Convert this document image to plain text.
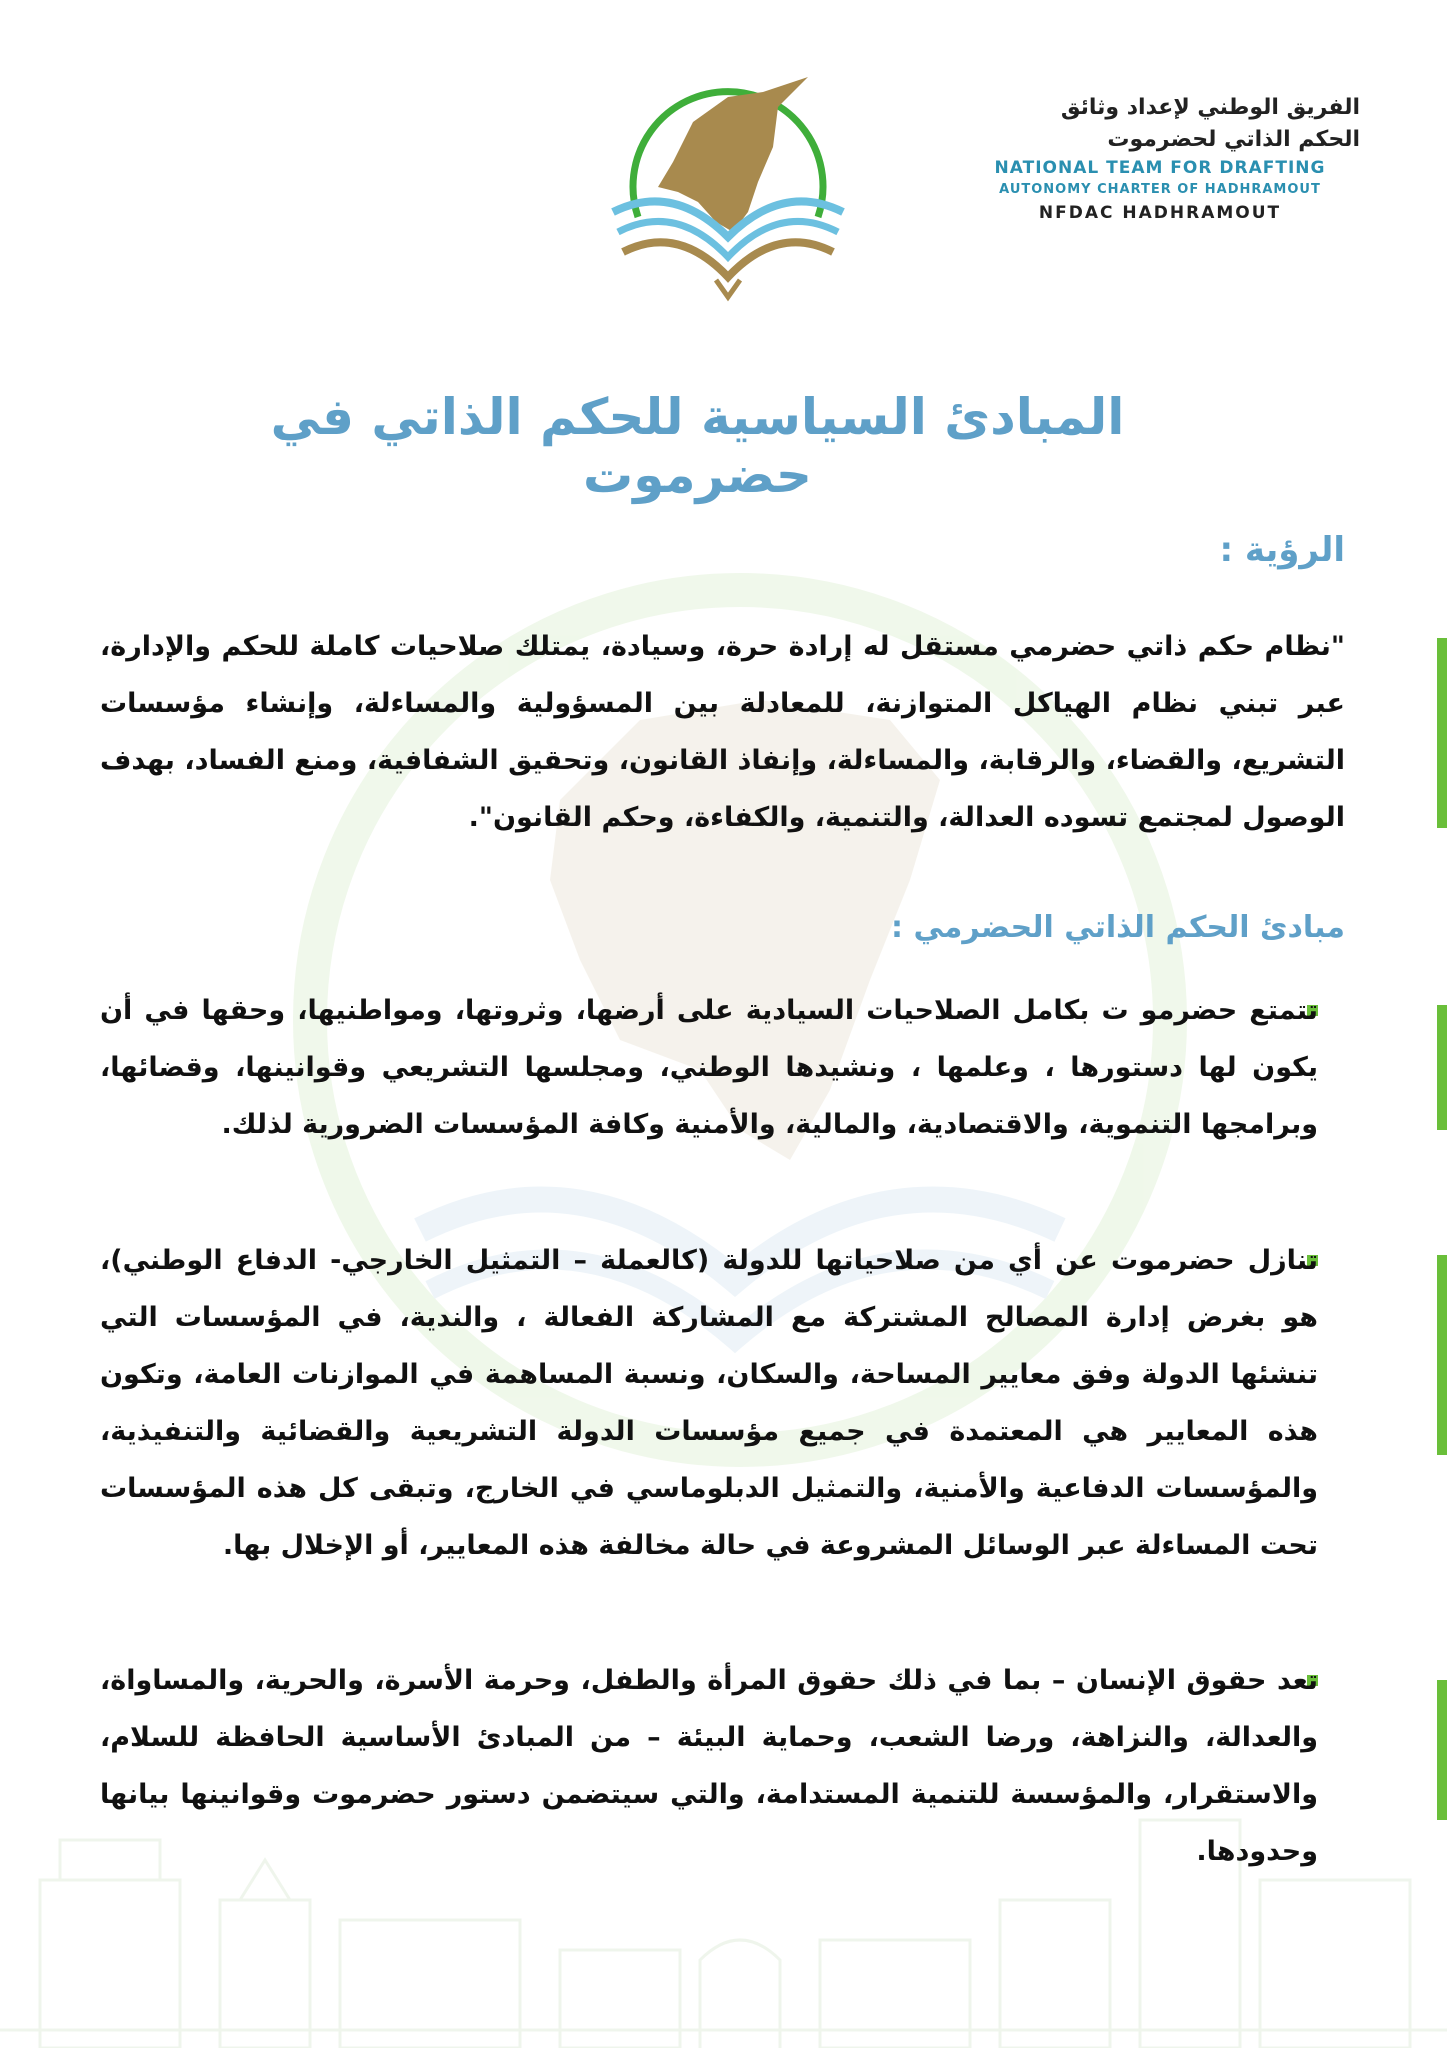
الفريق الوطني لإعداد وثائق
الحكم الذاتي لحضرموت
NATIONAL TEAM FOR DRAFTING
AUTONOMY CHARTER OF HADHRAMOUT
NFDAC HADHRAMOUT
المبادئ السياسية للحكم الذاتي في حضرموت
الرؤية :
"نظام حكم ذاتي حضرمي مستقل له إرادة حرة، وسيادة، يمتلك صلاحيات كاملة للحكم والإدارة، عبر تبني نظام الهياكل المتوازنة، للمعادلة بين المسؤولية والمساءلة، وإنشاء مؤسسات التشريع، والقضاء، والرقابة، والمساءلة، وإنفاذ القانون، وتحقيق الشفافية، ومنع الفساد، بهدف الوصول لمجتمع تسوده العدالة، والتنمية، والكفاءة، وحكم القانون".
مبادئ الحكم الذاتي الحضرمي :
تتمتع حضرمو ت بكامل الصلاحيات السيادية على أرضها، وثروتها، ومواطنيها، وحقها في أن يكون لها دستورها ، وعلمها ، ونشيدها الوطني، ومجلسها التشريعي وقوانينها، وقضائها، وبرامجها التنموية، والاقتصادية، والمالية، والأمنية وكافة المؤسسات الضرورية لذلك.
تنازل حضرموت عن أي من صلاحياتها للدولة (كالعملة – التمثيل الخارجي- الدفاع الوطني)، هو بغرض إدارة المصالح المشتركة مع المشاركة الفعالة ، والندية، في المؤسسات التي تنشئها الدولة وفق معايير المساحة، والسكان، ونسبة المساهمة في الموازنات العامة، وتكون هذه المعايير هي المعتمدة في جميع مؤسسات الدولة التشريعية والقضائية والتنفيذية، والمؤسسات الدفاعية والأمنية، والتمثيل الدبلوماسي في الخارج، وتبقى كل هذه المؤسسات تحت المساءلة عبر الوسائل المشروعة في حالة مخالفة هذه المعايير، أو الإخلال بها.
تعد حقوق الإنسان – بما في ذلك حقوق المرأة والطفل، وحرمة الأسرة، والحرية، والمساواة، والعدالة، والنزاهة، ورضا الشعب، وحماية البيئة – من المبادئ الأساسية الحافظة للسلام، والاستقرار، والمؤسسة للتنمية المستدامة، والتي سيتضمن دستور حضرموت وقوانينها بيانها وحدودها.
